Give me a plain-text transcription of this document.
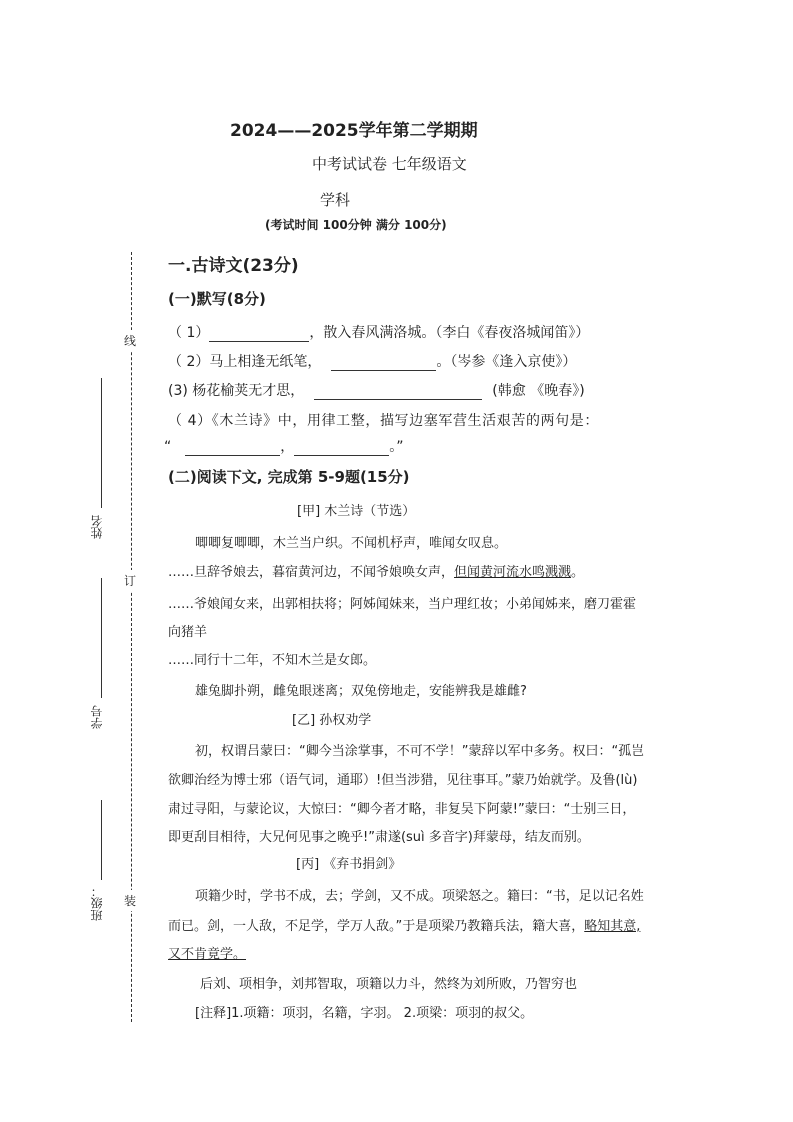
2024——2025学年第二学期期
中考试试卷 七年级语文
学科
(考试时间 100分钟 满分 100分)
线
订
装
姓名
学号
班级：
一.古诗文(23分)
(一)默写(8分)
（ 1）	，散入春风满洛城。（李白《春夜洛城闻笛》）
（ 2）马上相逢无纸笔，	。（岑参《逢入京使》）
(3) 杨花榆荚无才思，	(韩愈 《晚春》)
（ 4）《木兰诗》中，用律工整，描写边塞军营生活艰苦的两句是：
“	，	。”
(二)阅读下文, 完成第 5-9题(15分)
[甲] 木兰诗（节选）
唧唧复唧唧，木兰当户织。不闻机杼声，唯闻女叹息。
……旦辞爷娘去，暮宿黄河边，不闻爷娘唤女声，但闻黄河流水鸣溅溅。
……爷娘闻女来，出郭相扶将；阿姊闻妹来，当户理红妆；小弟闻姊来，磨刀霍霍
向猪羊
……同行十二年，不知木兰是女郎。
雄兔脚扑朔，雌兔眼迷离；双兔傍地走，安能辨我是雄雌?
[乙] 孙权劝学
初，权谓吕蒙曰：“卿今当涂掌事，不可不学！”蒙辞以军中多务。权曰：“孤岂
欲卿治经为博士邪（语气词，通耶）!但当涉猎，见往事耳。”蒙乃始就学。及鲁(lù)
肃过寻阳，与蒙论议，大惊曰：“卿今者才略，非复吴下阿蒙!”蒙曰：“士别三日，
即更刮目相待，大兄何见事之晚乎!”肃遂(suì 多音字)拜蒙母，结友而别。
[丙] 《弃书捐剑》
项籍少时，学书不成，去；学剑，又不成。项梁怒之。籍曰：“书，足以记名姓
而已。剑，一人敌，不足学，学万人敌。”于是项梁乃教籍兵法，籍大喜，略知其意,
又不肯竟学。
后刘、项相争，刘邦智取，项籍以力斗，然终为刘所败，乃智穷也
[注释]1.项籍：项羽，名籍，字羽。 2.项梁：项羽的叔父。
